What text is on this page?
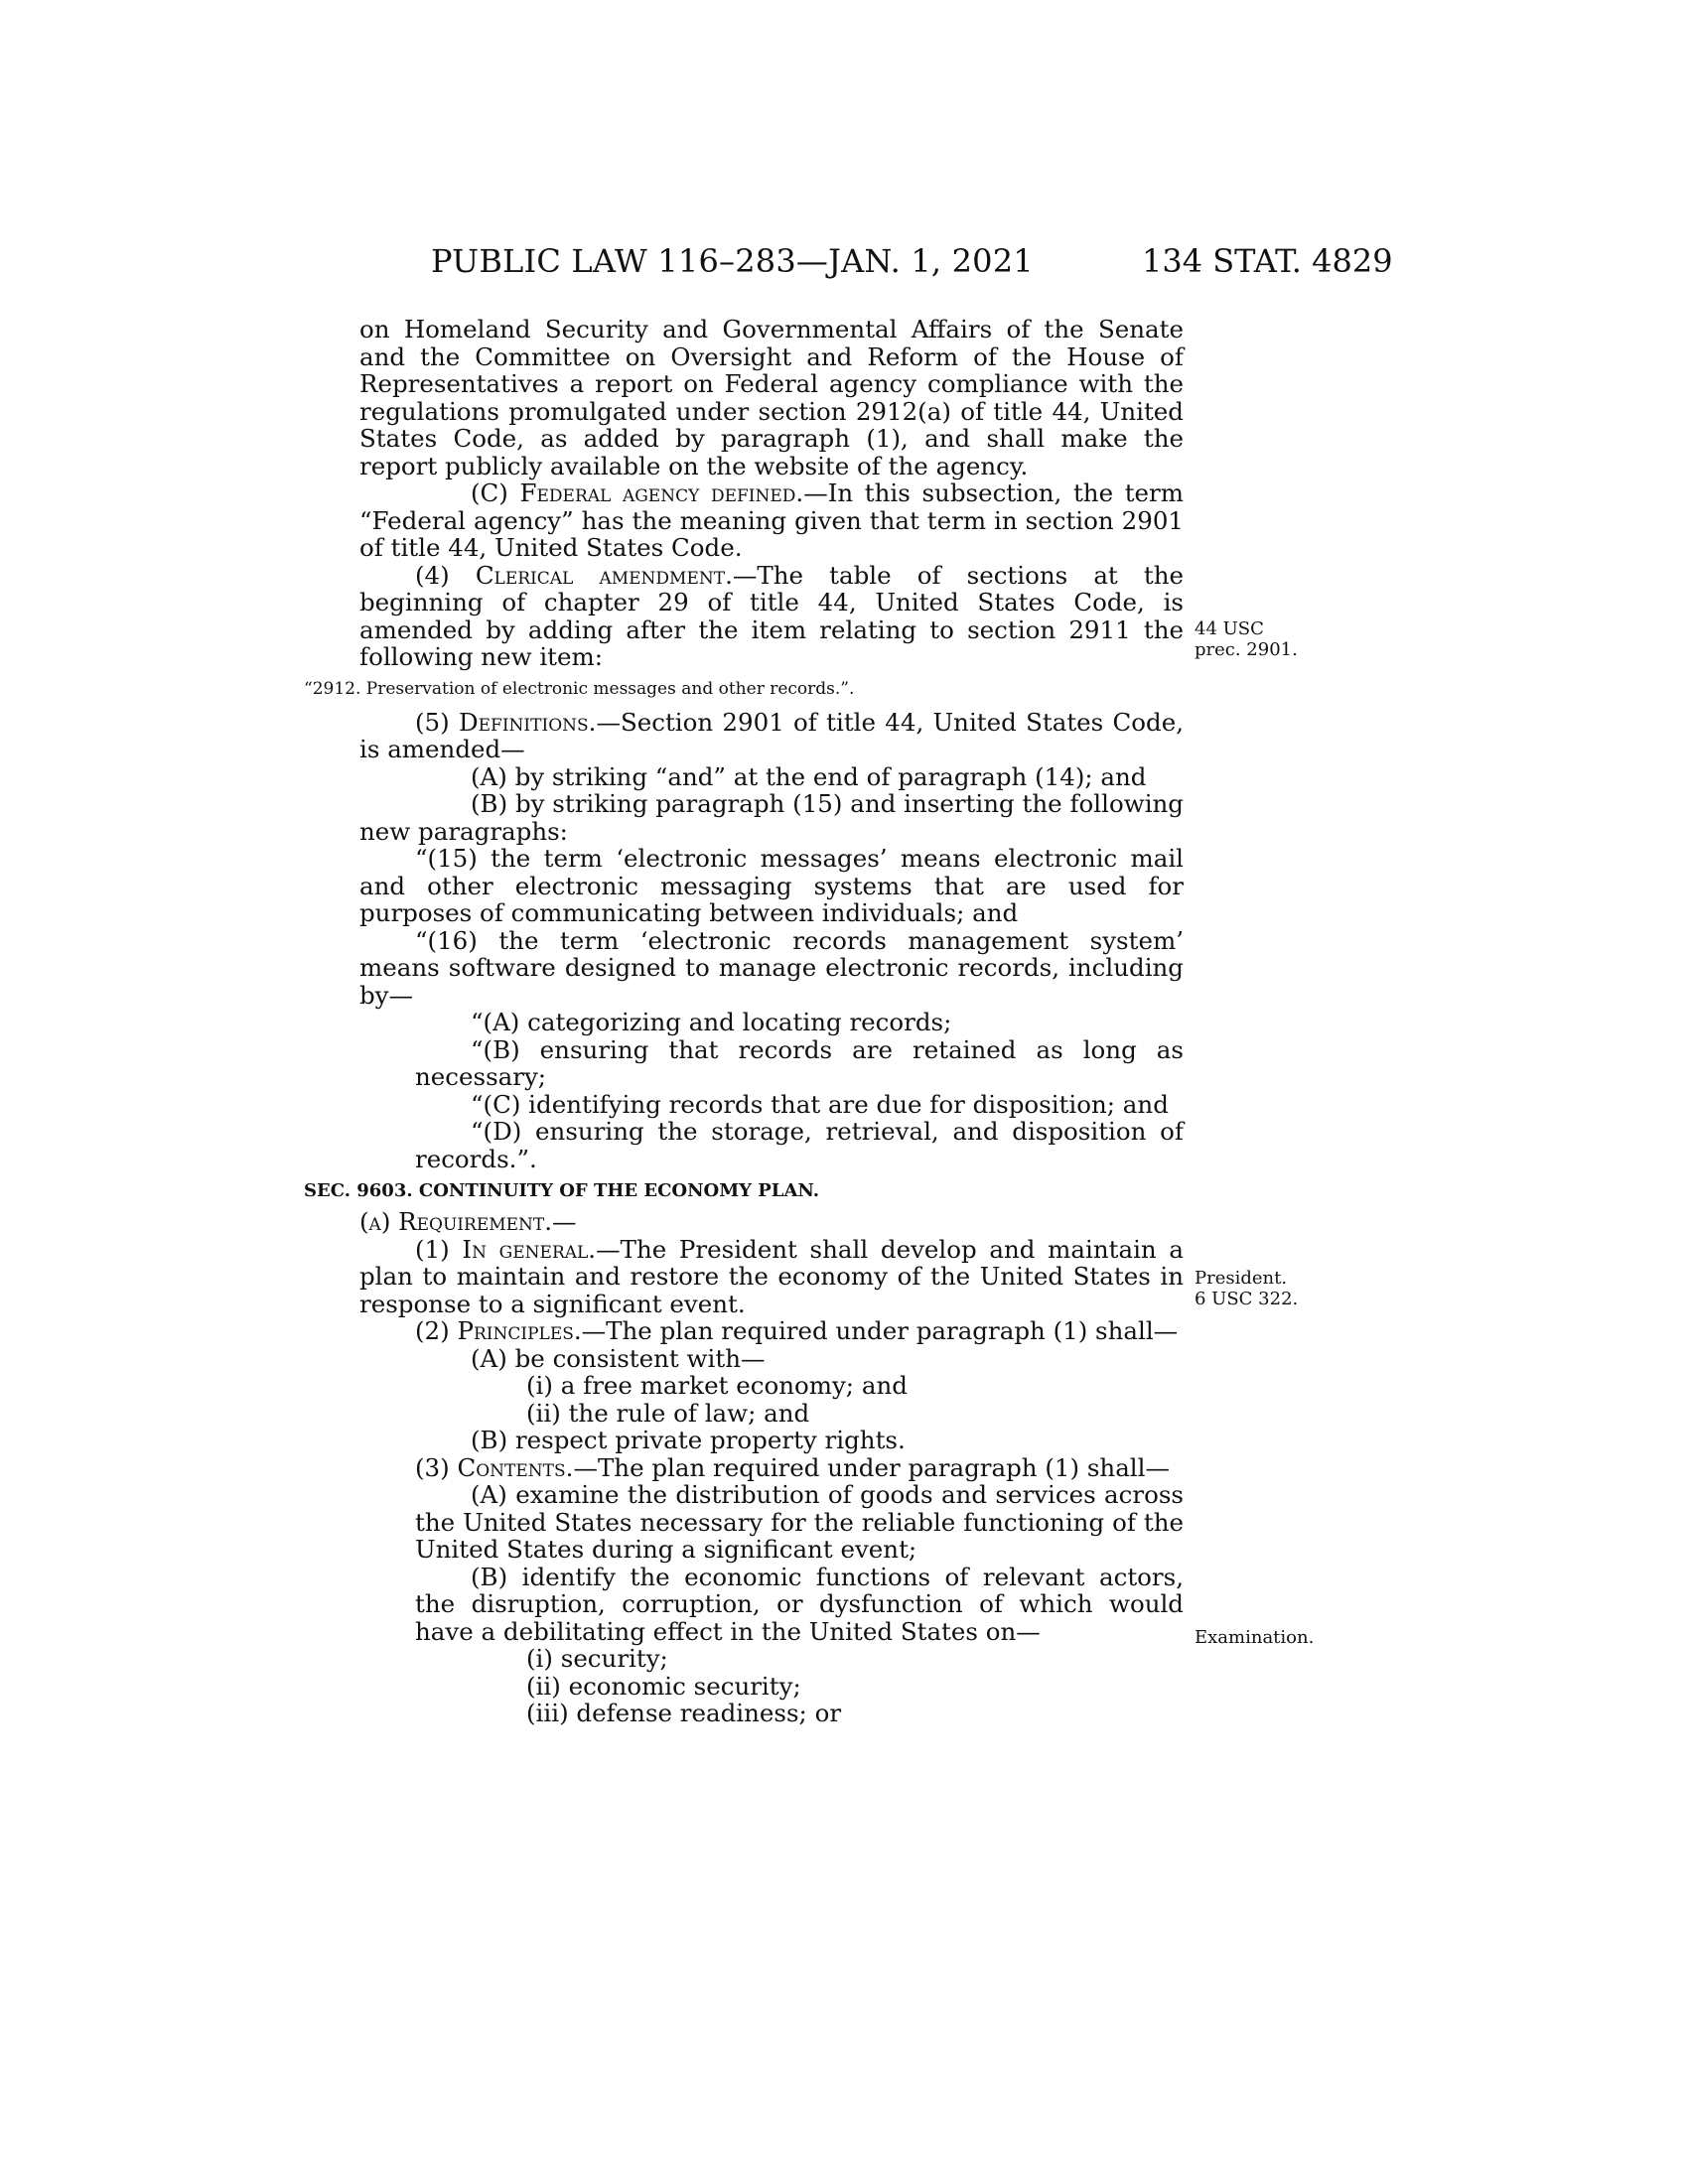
PUBLIC LAW 116–283—JAN. 1, 2021	134 STAT. 4829

on Homeland Security and Governmental Affairs of the Senate and the Committee on Oversight and Reform of the House of Representatives a report on Federal agency compliance with the regulations promulgated under section 2912(a) of title 44, United States Code, as added by paragraph (1), and shall make the report publicly available on the website of the agency.

(C) Federal agency defined.—In this subsection, the term “Federal agency” has the meaning given that term in section 2901 of title 44, United States Code.

(4) Clerical amendment.—The table of sections at the beginning of chapter 29 of title 44, United States Code, is amended by adding after the item relating to section 2911 the following new item:

“2912. Preservation of electronic messages and other records.”.

(5) Definitions.—Section 2901 of title 44, United States Code, is amended—

(A) by striking “and” at the end of paragraph (14); and

(B) by striking paragraph (15) and inserting the following new paragraphs:

“(15) the term ‘electronic messages’ means electronic mail and other electronic messaging systems that are used for purposes of communicating between individuals; and

“(16) the term ‘electronic records management system’ means software designed to manage electronic records, including by—

“(A) categorizing and locating records;

“(B) ensuring that records are retained as long as necessary;

“(C) identifying records that are due for disposition; and

“(D) ensuring the storage, retrieval, and disposition of records.”.

SEC. 9603. CONTINUITY OF THE ECONOMY PLAN.

(a) Requirement.—

(1) In general.—The President shall develop and maintain a plan to maintain and restore the economy of the United States in response to a significant event.

(2) Principles.—The plan required under paragraph (1) shall—

(A) be consistent with—

(i) a free market economy; and

(ii) the rule of law; and

(B) respect private property rights.

(3) Contents.—The plan required under paragraph (1) shall—

(A) examine the distribution of goods and services across the United States necessary for the reliable functioning of the United States during a significant event;

(B) identify the economic functions of relevant actors, the disruption, corruption, or dysfunction of which would have a debilitating effect in the United States on—

(i) security;

(ii) economic security;

(iii) defense readiness; or

44 USC
prec. 2901.
President.
6 USC 322.
Examination.
